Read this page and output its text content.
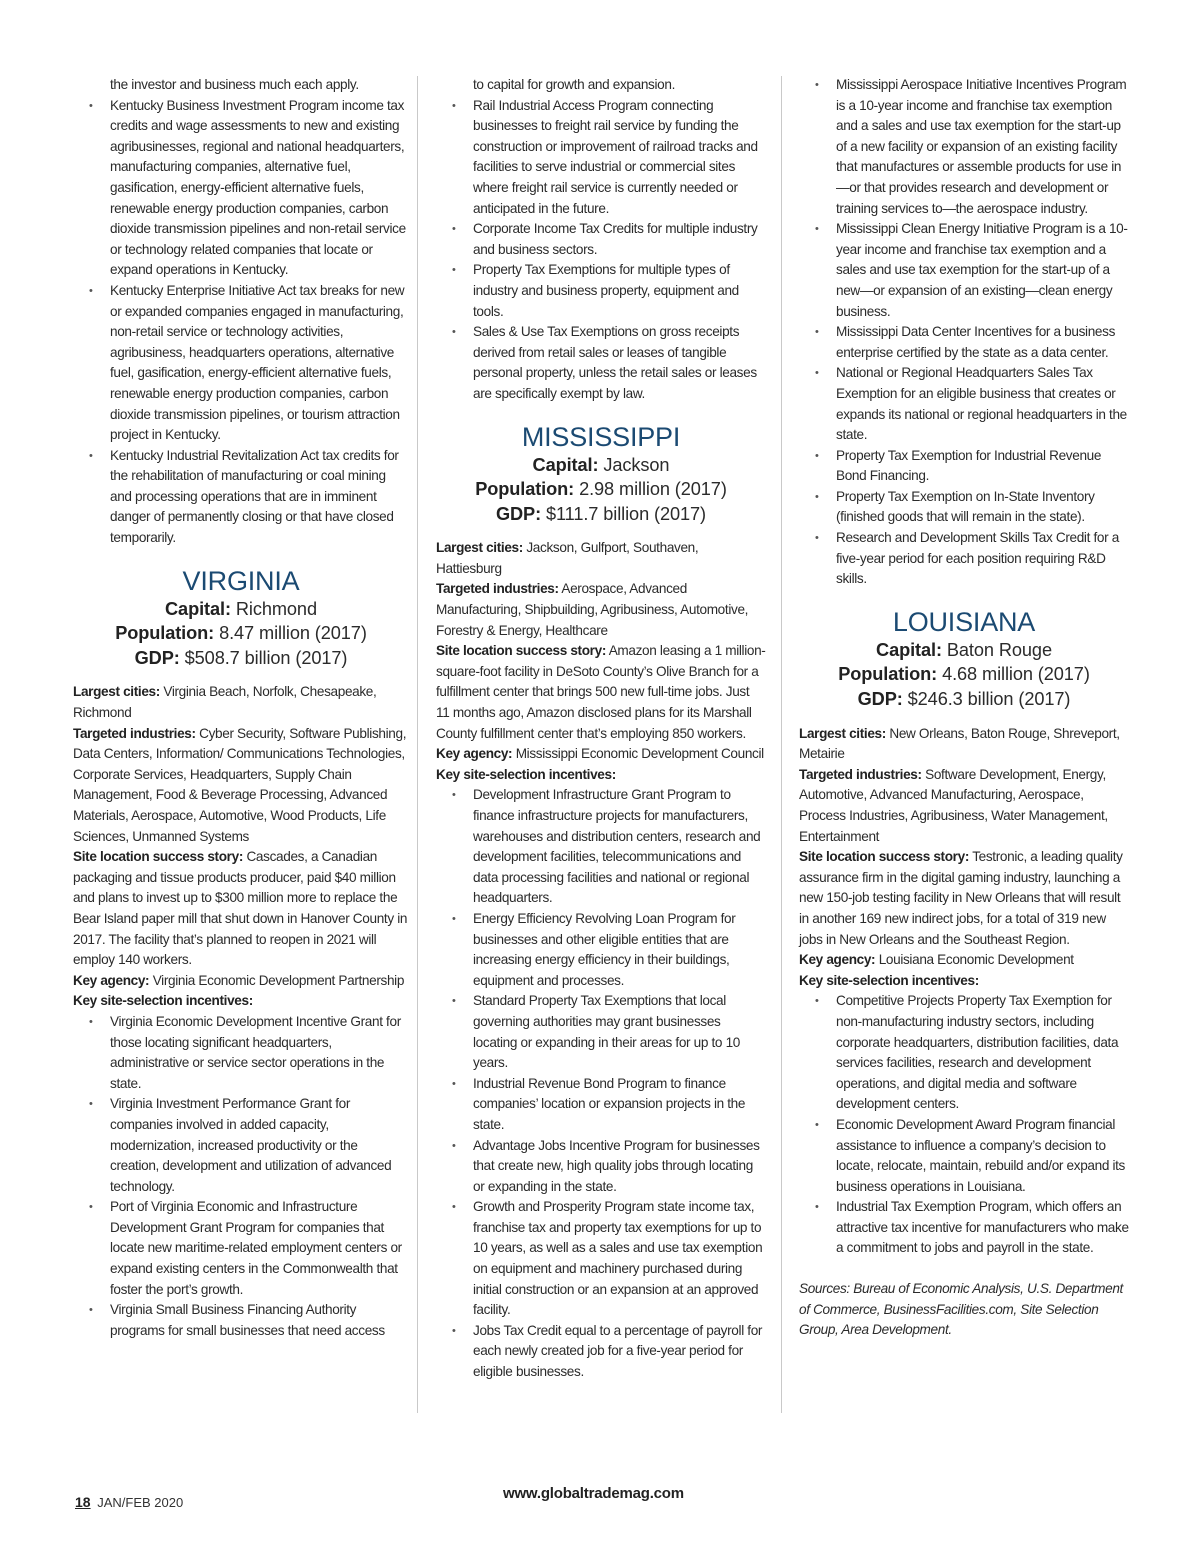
the investor and business much each apply.

• Kentucky Business Investment Program income tax credits and wage assessments to new and existing agribusinesses, regional and national headquarters, manufacturing companies, alternative fuel, gasification, energy-efficient alternative fuels, renewable energy production companies, carbon dioxide transmission pipelines and non-retail service or technology related companies that locate or expand operations in Kentucky.
• Kentucky Enterprise Initiative Act tax breaks for new or expanded companies engaged in manufacturing, non-retail service or technology activities, agribusiness, headquarters operations, alternative fuel, gasification, energy-efficient alternative fuels, renewable energy production companies, carbon dioxide transmission pipelines, or tourism attraction project in Kentucky.
• Kentucky Industrial Revitalization Act tax credits for the rehabilitation of manufacturing or coal mining and processing operations that are in imminent danger of permanently closing or that have closed temporarily.
VIRGINIA
Capital: Richmond
Population: 8.47 million (2017)
GDP: $508.7 billion (2017)

Largest cities: Virginia Beach, Norfolk, Chesapeake, Richmond

Targeted industries: Cyber Security, Software Publishing, Data Centers, Information/ Communications Technologies, Corporate Services, Headquarters, Supply Chain Management, Food & Beverage Processing, Advanced Materials, Aerospace, Automotive, Wood Products, Life Sciences, Unmanned Systems

Site location success story: Cascades, a Canadian packaging and tissue products producer, paid $40 million and plans to invest up to $300 million more to replace the Bear Island paper mill that shut down in Hanover County in 2017. The facility that’s planned to reopen in 2021 will employ 140 workers.

Key agency: Virginia Economic Development Partnership

Key site-selection incentives:

• Virginia Economic Development Incentive Grant for those locating significant headquarters, administrative or service sector operations in the state.
• Virginia Investment Performance Grant for companies involved in added capacity, modernization, increased productivity or the creation, development and utilization of advanced technology.
• Port of Virginia Economic and Infrastructure Development Grant Program for companies that locate new maritime-related employment centers or expand existing centers in the Commonwealth that foster the port’s growth.
• Virginia Small Business Financing Authority programs for small businesses that need access

to capital for growth and expansion.

• Rail Industrial Access Program connecting businesses to freight rail service by funding the construction or improvement of railroad tracks and facilities to serve industrial or commercial sites where freight rail service is currently needed or anticipated in the future.
• Corporate Income Tax Credits for multiple industry and business sectors.
• Property Tax Exemptions for multiple types of industry and business property, equipment and tools.
• Sales & Use Tax Exemptions on gross receipts derived from retail sales or leases of tangible personal property, unless the retail sales or leases are specifically exempt by law.
MISSISSIPPI
Capital: Jackson
Population: 2.98 million (2017)
GDP: $111.7 billion (2017)

Largest cities: Jackson, Gulfport, Southaven, Hattiesburg

Targeted industries: Aerospace, Advanced Manufacturing, Shipbuilding, Agribusiness, Automotive, Forestry & Energy, Healthcare

Site location success story: Amazon leasing a 1 million-square-foot facility in DeSoto County’s Olive Branch for a fulfillment center that brings 500 new full-time jobs. Just 11 months ago, Amazon disclosed plans for its Marshall County fulfillment center that’s employing 850 workers.

Key agency: Mississippi Economic Development Council

Key site-selection incentives:

• Development Infrastructure Grant Program to finance infrastructure projects for manufacturers, warehouses and distribution centers, research and development facilities, telecommunications and data processing facilities and national or regional headquarters.
• Energy Efficiency Revolving Loan Program for businesses and other eligible entities that are increasing energy efficiency in their buildings, equipment and processes.
• Standard Property Tax Exemptions that local governing authorities may grant businesses locating or expanding in their areas for up to 10 years.
• Industrial Revenue Bond Program to finance companies’ location or expansion projects in the state.
• Advantage Jobs Incentive Program for businesses that create new, high quality jobs through locating or expanding in the state.
• Growth and Prosperity Program state income tax, franchise tax and property tax exemptions for up to 10 years, as well as a sales and use tax exemption on equipment and machinery purchased during initial construction or an expansion at an approved facility.
• Jobs Tax Credit equal to a percentage of payroll for each newly created job for a five-year period for eligible businesses.
• Mississippi Aerospace Initiative Incentives Program is a 10-year income and franchise tax exemption and a sales and use tax exemption for the start-up of a new facility or expansion of an existing facility that manufactures or assemble products for use in—or that provides research and development or training services to—the aerospace industry.
• Mississippi Clean Energy Initiative Program is a 10-year income and franchise tax exemption and a sales and use tax exemption for the start-up of a new—or expansion of an existing—clean energy business.
• Mississippi Data Center Incentives for a business enterprise certified by the state as a data center.
• National or Regional Headquarters Sales Tax Exemption for an eligible business that creates or expands its national or regional headquarters in the state.
• Property Tax Exemption for Industrial Revenue Bond Financing.
• Property Tax Exemption on In-State Inventory (finished goods that will remain in the state).
• Research and Development Skills Tax Credit for a five-year period for each position requiring R&D skills.
LOUISIANA
Capital: Baton Rouge
Population: 4.68 million (2017)
GDP: $246.3 billion (2017)

Largest cities: New Orleans, Baton Rouge, Shreveport, Metairie

Targeted industries: Software Development, Energy, Automotive, Advanced Manufacturing, Aerospace, Process Industries, Agribusiness, Water Management, Entertainment

Site location success story: Testronic, a leading quality assurance firm in the digital gaming industry, launching a new 150-job testing facility in New Orleans that will result in another 169 new indirect jobs, for a total of 319 new jobs in New Orleans and the Southeast Region.

Key agency: Louisiana Economic Development

Key site-selection incentives:

• Competitive Projects Property Tax Exemption for non-manufacturing industry sectors, including corporate headquarters, distribution facilities, data services facilities, research and development operations, and digital media and software development centers.
• Economic Development Award Program financial assistance to influence a company’s decision to locate, relocate, maintain, rebuild and/or expand its business operations in Louisiana.
• Industrial Tax Exemption Program, which offers an attractive tax incentive for manufacturers who make a commitment to jobs and payroll in the state.

Sources: Bureau of Economic Analysis, U.S. Department of Commerce, BusinessFacilities.com, Site Selection Group, Area Development.

18 JAN/FEB 2020
www.globaltrademag.com
